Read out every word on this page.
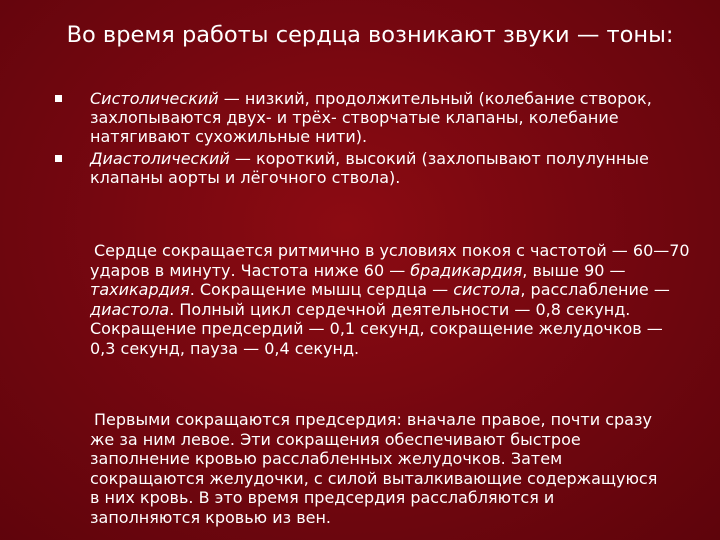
Во время работы сердца возникают звуки — тоны:
Систолический — низкий, продолжительный (колебание створок, захлопываются двух- и трёх- створчатые клапаны, колебание натягивают сухожильные нити).
Диастолический — короткий, высокий (захлопывают полулунные клапаны аорты и лёгочного ствола).
Сердце сокращается ритмично в условиях покоя с частотой — 60—70 ударов в минуту. Частота ниже 60 — брадикардия, выше 90 — тахикардия. Сокращение мышц сердца — систола, расслабление — диастола. Полный цикл сердечной деятельности — 0,8 секунд. Сокращение предсердий — 0,1 секунд, сокращение желудочков — 0,3 секунд, пауза — 0,4 секунд.
Первыми сокращаются предсердия: вначале правое, почти сразу же за ним левое. Эти сокращения обеспечивают быстрое заполнение кровью расслабленных желудочков. Затем сокращаются желудочки, с силой выталкивающие содержащуюся в них кровь. В это время предсердия расслабляются и заполняются кровью из вен.
